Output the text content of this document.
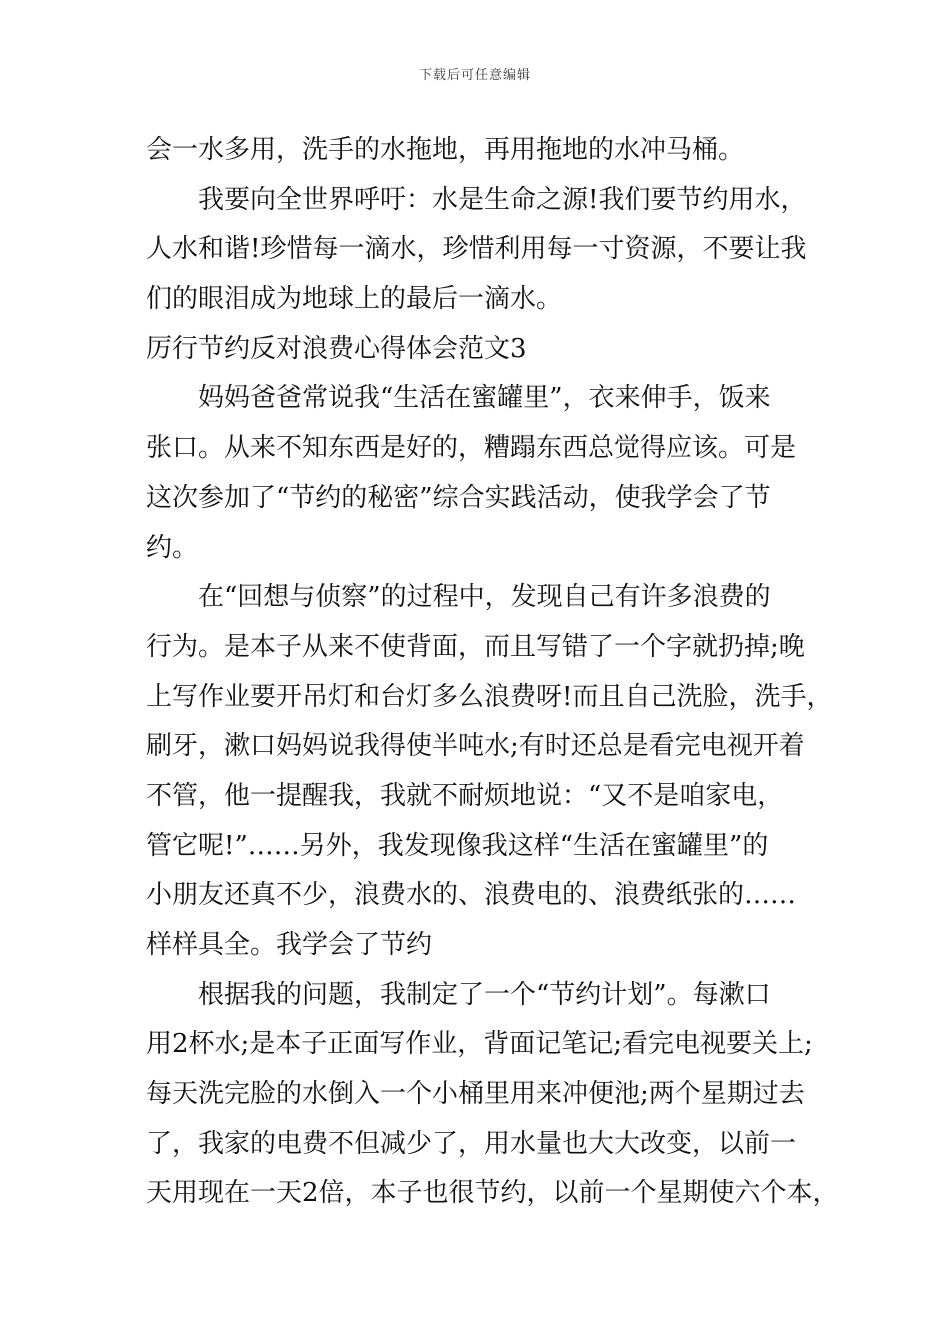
下载后可任意编辑
会一水多用，洗手的水拖地，再用拖地的水冲马桶。
我要向全世界呼吁：水是生命之源!我们要节约用水，
人水和谐!珍惜每一滴水，珍惜利用每一寸资源，不要让我
们的眼泪成为地球上的最后一滴水。
厉行节约反对浪费心得体会范文3
妈妈爸爸常说我“生活在蜜罐里”，衣来伸手，饭来
张口。从来不知东西是好的，糟蹋东西总觉得应该。可是
这次参加了“节约的秘密”综合实践活动，使我学会了节
约。
在“回想与侦察”的过程中，发现自己有许多浪费的
行为。是本子从来不使背面，而且写错了一个字就扔掉;晚
上写作业要开吊灯和台灯多么浪费呀!而且自己洗脸，洗手，
刷牙，漱口妈妈说我得使半吨水;有时还总是看完电视开着
不管，他一提醒我，我就不耐烦地说：“又不是咱家电，
管它呢!”……另外，我发现像我这样“生活在蜜罐里”的
小朋友还真不少，浪费水的、浪费电的、浪费纸张的……
样样具全。我学会了节约
根据我的问题，我制定了一个“节约计划”。每漱口
用2杯水;是本子正面写作业，背面记笔记;看完电视要关上;
每天洗完脸的水倒入一个小桶里用来冲便池;两个星期过去
了，我家的电费不但减少了，用水量也大大改变，以前一
天用现在一天2倍，本子也很节约，以前一个星期使六个本，
